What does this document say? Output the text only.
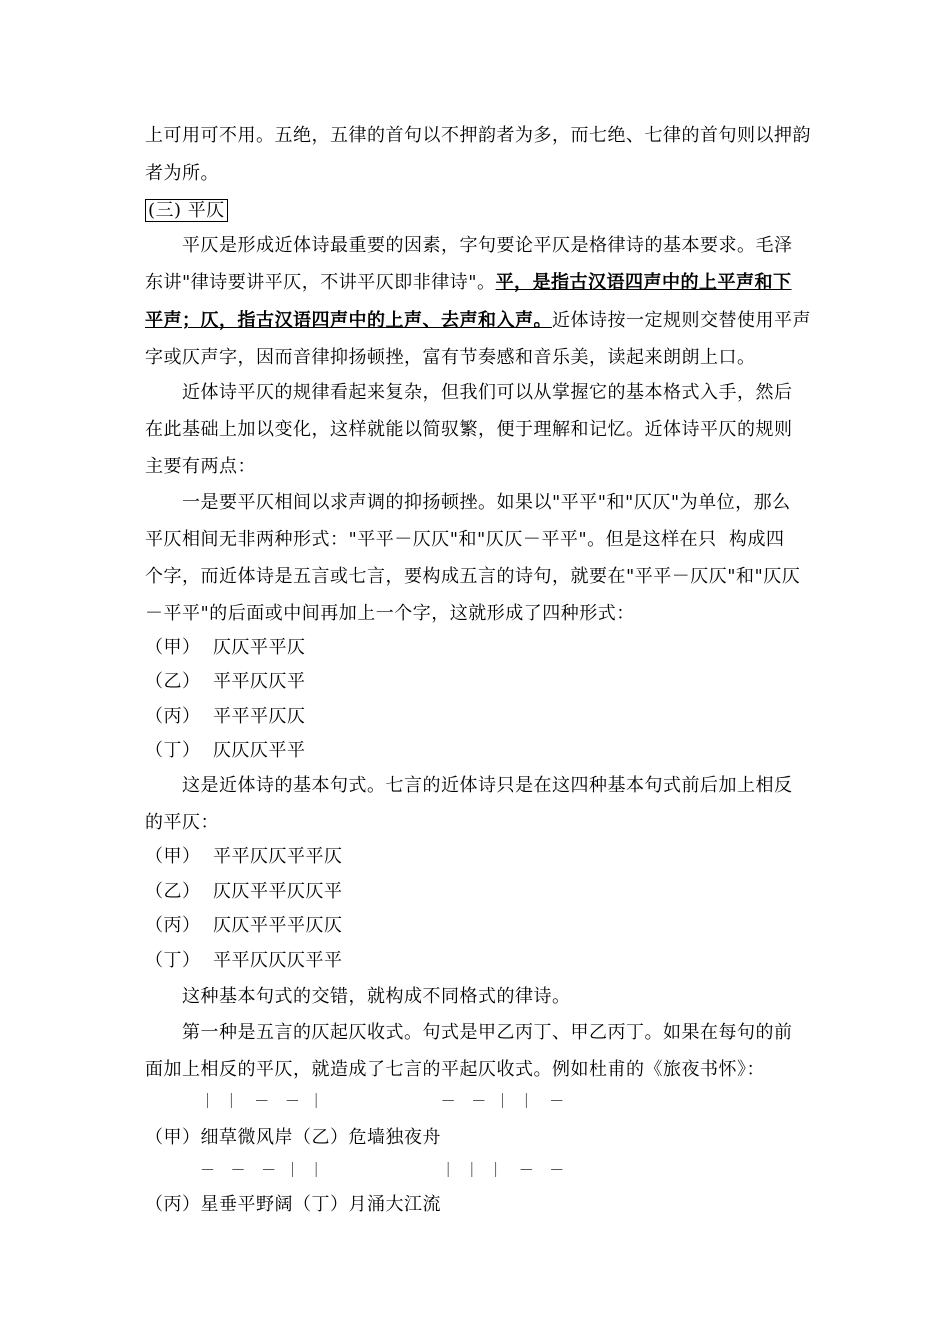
上可用可不用。五绝，五律的首句以不押韵者为多，而七绝、七律的首句则以押韵
者为所。
(三) 平仄
平仄是形成近体诗最重要的因素，字句要论平仄是格律诗的基本要求。毛泽
东讲"律诗要讲平仄，不讲平仄即非律诗"。平，是指古汉语四声中的上平声和下
平声；仄，指古汉语四声中的上声、去声和入声。近体诗按一定规则交替使用平声
字或仄声字，因而音律抑扬顿挫，富有节奏感和音乐美，读起来朗朗上口。
近体诗平仄的规律看起来复杂，但我们可以从掌握它的基本格式入手，然后
在此基础上加以变化，这样就能以简驭繁，便于理解和记忆。近体诗平仄的规则
主要有两点：
一是要平仄相间以求声调的抑扬顿挫。如果以"平平"和"仄仄"为单位，那么
平仄相间无非两种形式："平平－仄仄"和"仄仄－平平"。但是这样在只  构成四
个字，而近体诗是五言或七言，要构成五言的诗句，就要在"平平－仄仄"和"仄仄
－平平"的后面或中间再加上一个字，这就形成了四种形式：
（甲）  仄仄平平仄
（乙）  平平仄仄平
（丙）  平平平仄仄
（丁）  仄仄仄平平
这是近体诗的基本句式。七言的近体诗只是在这四种基本句式前后加上相反
的平仄：
（甲）  平平仄仄平平仄
（乙）  仄仄平平仄仄平
（丙）  仄仄平平平仄仄
（丁）  平平仄仄仄平平
这种基本句式的交错，就构成不同格式的律诗。
第一种是五言的仄起仄收式。句式是甲乙丙丁、甲乙丙丁。如果在每句的前
面加上相反的平仄，就造成了七言的平起仄收式。例如杜甫的《旅夜书怀》：
｜ ｜  －  － ｜                 －  － ｜ ｜  －
（甲）细草微风岸（乙）危墙独夜舟
－  －  － ｜ ｜                 ｜ ｜ ｜  －  －
（丙）星垂平野阔（丁）月涌大江流
